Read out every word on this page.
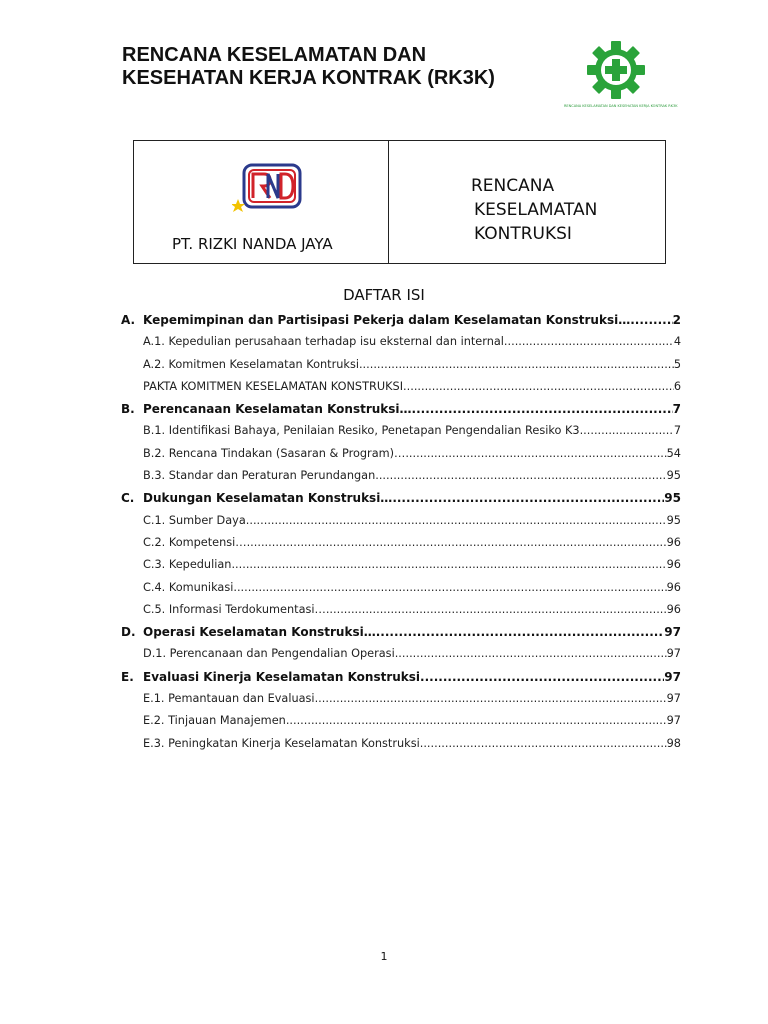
RENCANA KESELAMATAN DAN
KESEHATAN KERJA KONTRAK (RK3K)
RENCANA KESELAMATAN DAN KESEHATAN KERJA KONTRAK RK3K
PT. RIZKI NANDA JAYA
RENCANA
KESELAMATAN
KONTRUKSI
DAFTAR ISI
A. Kepemimpinan dan Partisipasi Pekerja dalam Keselamatan Konstruksi… .....	2
A.1. Kepedulian perusahaan terhadap isu eksternal dan internal .....	4
A.2. Komitmen Keselamatan Kontruksi .....	5
PAKTA KOMITMEN KESELAMATAN KONSTRUKSI .....	6
B. Perencanaan Keselamatan Konstruksi… .....	7
B.1. Identifikasi Bahaya, Penilaian Resiko, Penetapan Pengendalian Resiko K3 .....	7
B.2. Rencana Tindakan (Sasaran & Program)… .....	54
B.3. Standar dan Peraturan Perundangan .....	95
C. Dukungan Keselamatan Konstruksi… .....	95
C.1. Sumber Daya .....	95
C.2. Kompetensi… .....	96
C.3. Kepedulian .....	96
C.4. Komunikasi .....	96
C.5. Informasi Terdokumentasi… .....	96
D. Operasi Keselamatan Konstruksi… .....	97
D.1. Perencanaan dan Pengendalian Operasi .....	97
E. Evaluasi Kinerja Keselamatan Konstruksi .....	97
E.1. Pemantauan dan Evaluasi .....	97
E.2. Tinjauan Manajemen .....	97
E.3. Peningkatan Kinerja Keselamatan Konstruksi .....	98
1
